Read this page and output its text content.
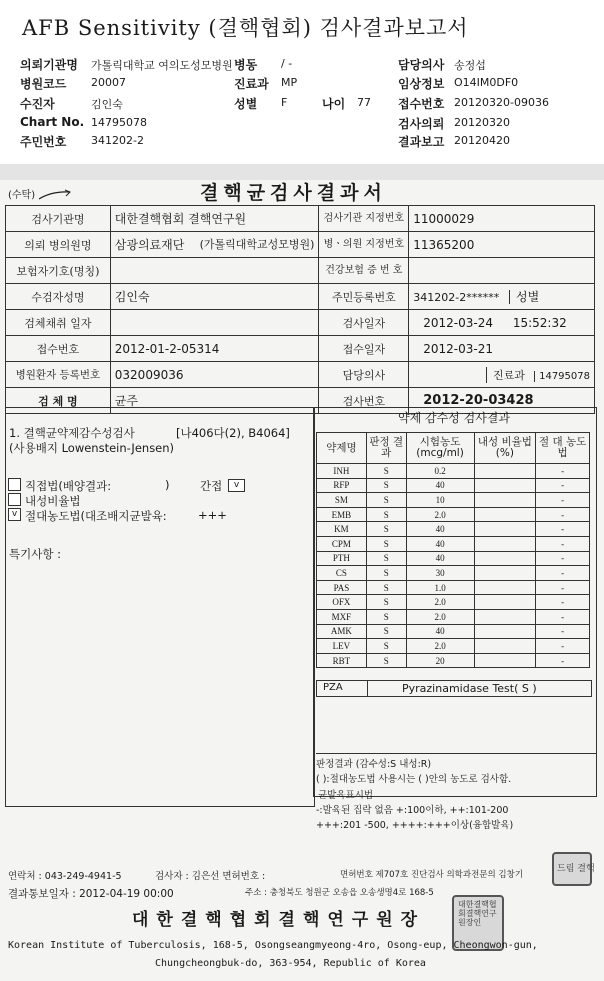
AFB Sensitivity (결핵협회) 검사결과보고서
의뢰기관명 가톨릭대학교 여의도성모병원 병동 / -	담당의사 송정섭
병원코드 20007	진료과 MP	임상정보 O14IM0DF0
수진자	김인숙	성별 F	나이 77 접수번호 20120320-09036
Chart No. 14795078	검사의뢰 20120320
주민번호 341202-2	결과보고 20120420
(수탁)	결핵균검사결과서
검사기관명	대한결핵협회 결핵연구원	검사기관 지정번호	11000029
의뢰 병의원명	삼광의료재단 (가톨릭대학교성모병원)	병ㆍ의원 지정번호	11365200
보험자기호(명칭)		건강보험 증 번 호	
수검자성명	김인숙	주민등록번호	341202-2****** 성별
검체채취 일자		검사일자	2012-03-24 15:52:32
접수번호	2012-01-2-05314	접수일자	2012-03-21
병원환자 등록번호	032009036	담당의사	진료과 14795078
검 체 명	균주	검사번호	2012-20-03428
1. 결핵균약제감수성검사	[나406다(2), B4064]
(사용배지 Lowenstein-Jensen)
직접법(배양결과:	)	간접	v
내성비율법
v 절대농도법(대조배지균발육:	+++
특기사항 :
약제 감수성 검사결과
약제명	판정 결과	시험농도 (mcg/ml)	내성 비율법(%)	절 대 농도법
INH	S	0.2		-
RFP	S	40		-
SM	S	10		-
EMB	S	2.0		-
KM	S	40		-
CPM	S	40		-
PTH	S	40		-
CS	S	30		-
PAS	S	1.0		-
OFX	S	2.0		-
MXF	S	2.0		-
AMK	S	40		-
LEV	S	2.0		-
RBT	S	20		-
PZA	Pyrazinamidase Test( S )
판정결과 (감수성:S 내성:R)
( ):절대농도법 사용시는 ( )안의 농도로 검사함.
균발육표시법
-:발육된 집락 없음 +:100이하, ++:101-200
+++:201 -500, ++++:+++이상(융합발육)
연락처 : 043-249-4941-5	검사자 : 김은선 면허번호 :	면허번호 제707호 진단검사 의학과전문의 김창기
드림 결핵
결과통보일자 : 2012-04-19 00:00	주소 : 충청북도 청원군 오송읍 오송생명4로 168-5
대한결핵협회결핵연구원장
대한결핵협회결핵연구원장인
Korean Institute of Tuberculosis, 168-5, Osongseangmyeong-4ro, Osong-eup, Cheongwon-gun,
Chungcheongbuk-do, 363-954, Republic of Korea
